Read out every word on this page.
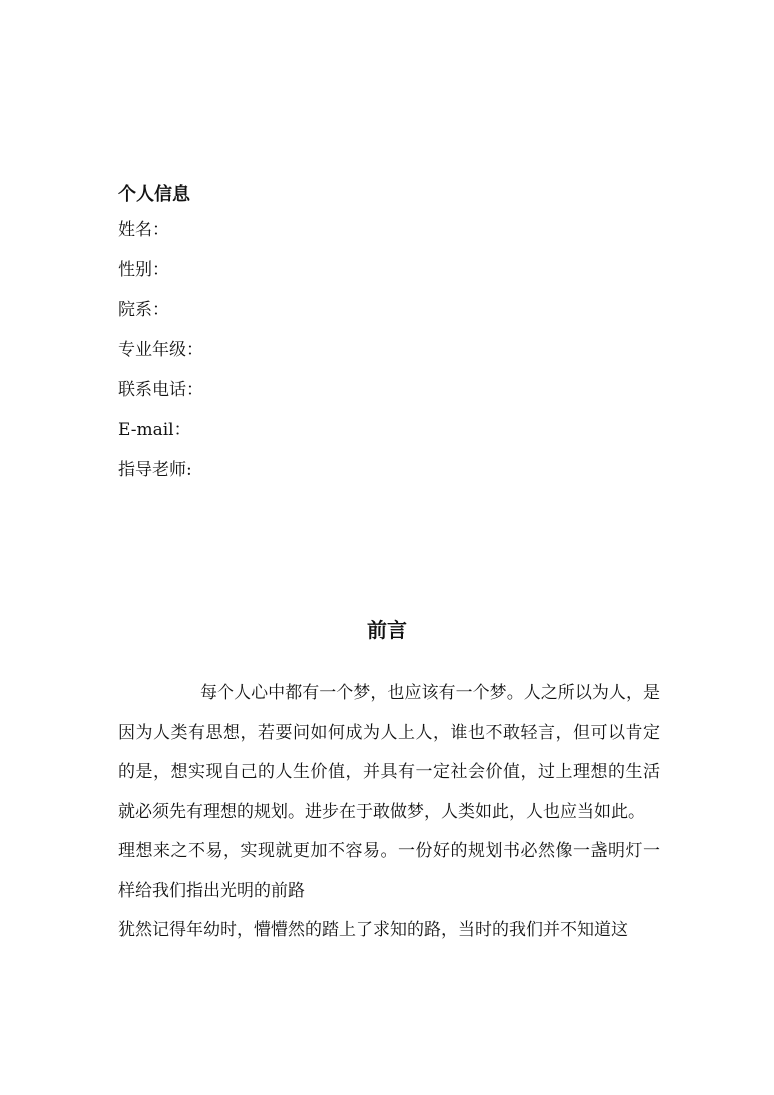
个人信息
姓名：
性别：
院系：
专业年级：
联系电话：
E-mail：
指导老师:
前言

每个人心中都有一个梦，也应该有一个梦。人之所以为人，是因为人类有思想，若要问如何成为人上人，谁也不敢轻言，但可以肯定的是，想实现自己的人生价值，并具有一定社会价值，过上理想的生活就必须先有理想的规划。进步在于敢做梦，人类如此，人也应当如此。

理想来之不易，实现就更加不容易。一份好的规划书必然像一盏明灯一样给我们指出光明的前路

犹然记得年幼时，懵懵然的踏上了求知的路，当时的我们并不知道这
